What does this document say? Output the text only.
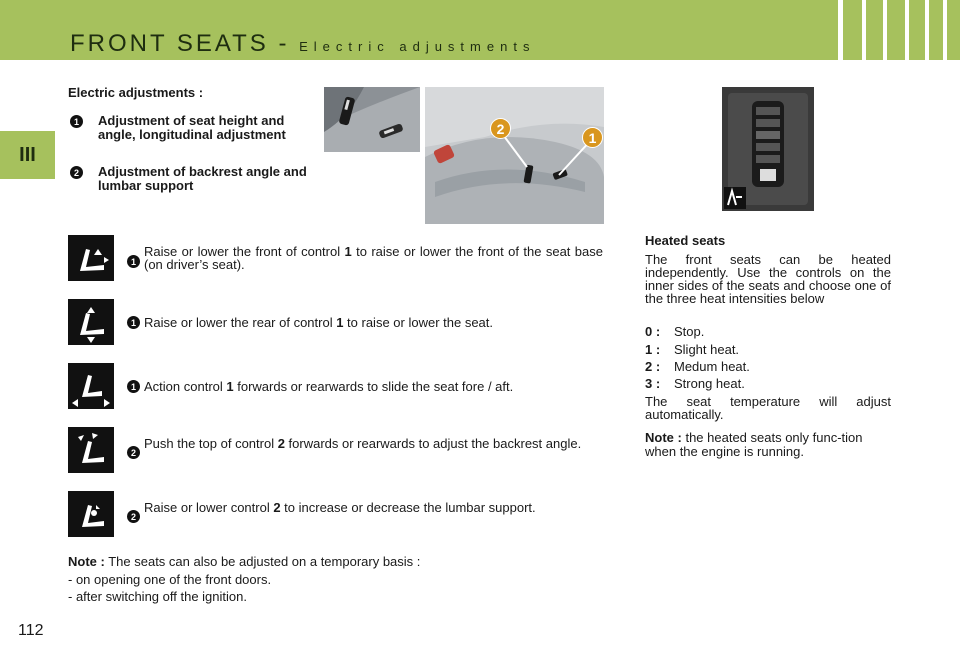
FRONT SEATS - Electric adjustments
III
Electric adjustments :
1	Adjustment of seat height and angle, longitudinal adjustment
2	Adjustment of backrest angle and lumbar support
2
1
1
Raise or lower the front of control 1 to raise or lower the front of the seat base (on driver’s seat).
1 Raise or lower the rear of control 1 to raise or lower the seat.
1 Action control 1 forwards or rearwards to slide the seat fore / aft.
2
Push the top of control 2 forwards or rearwards to adjust the backrest angle.
2
Raise or lower control 2 to increase or decrease the lumbar support.
Note : The seats can also be adjusted on a temporary basis :
- on opening one of the front doors.
- after switching off the ignition.
Heated seats
The front seats can be heated independently. Use the controls on the inner sides of the seats and choose one of the three heat intensities below
0 : Stop.
1 : Slight heat.
2 : Medum heat.
3 : Strong heat.
The seat temperature will adjust automatically.
Note : the heated seats only func-tion when the engine is running.
112
